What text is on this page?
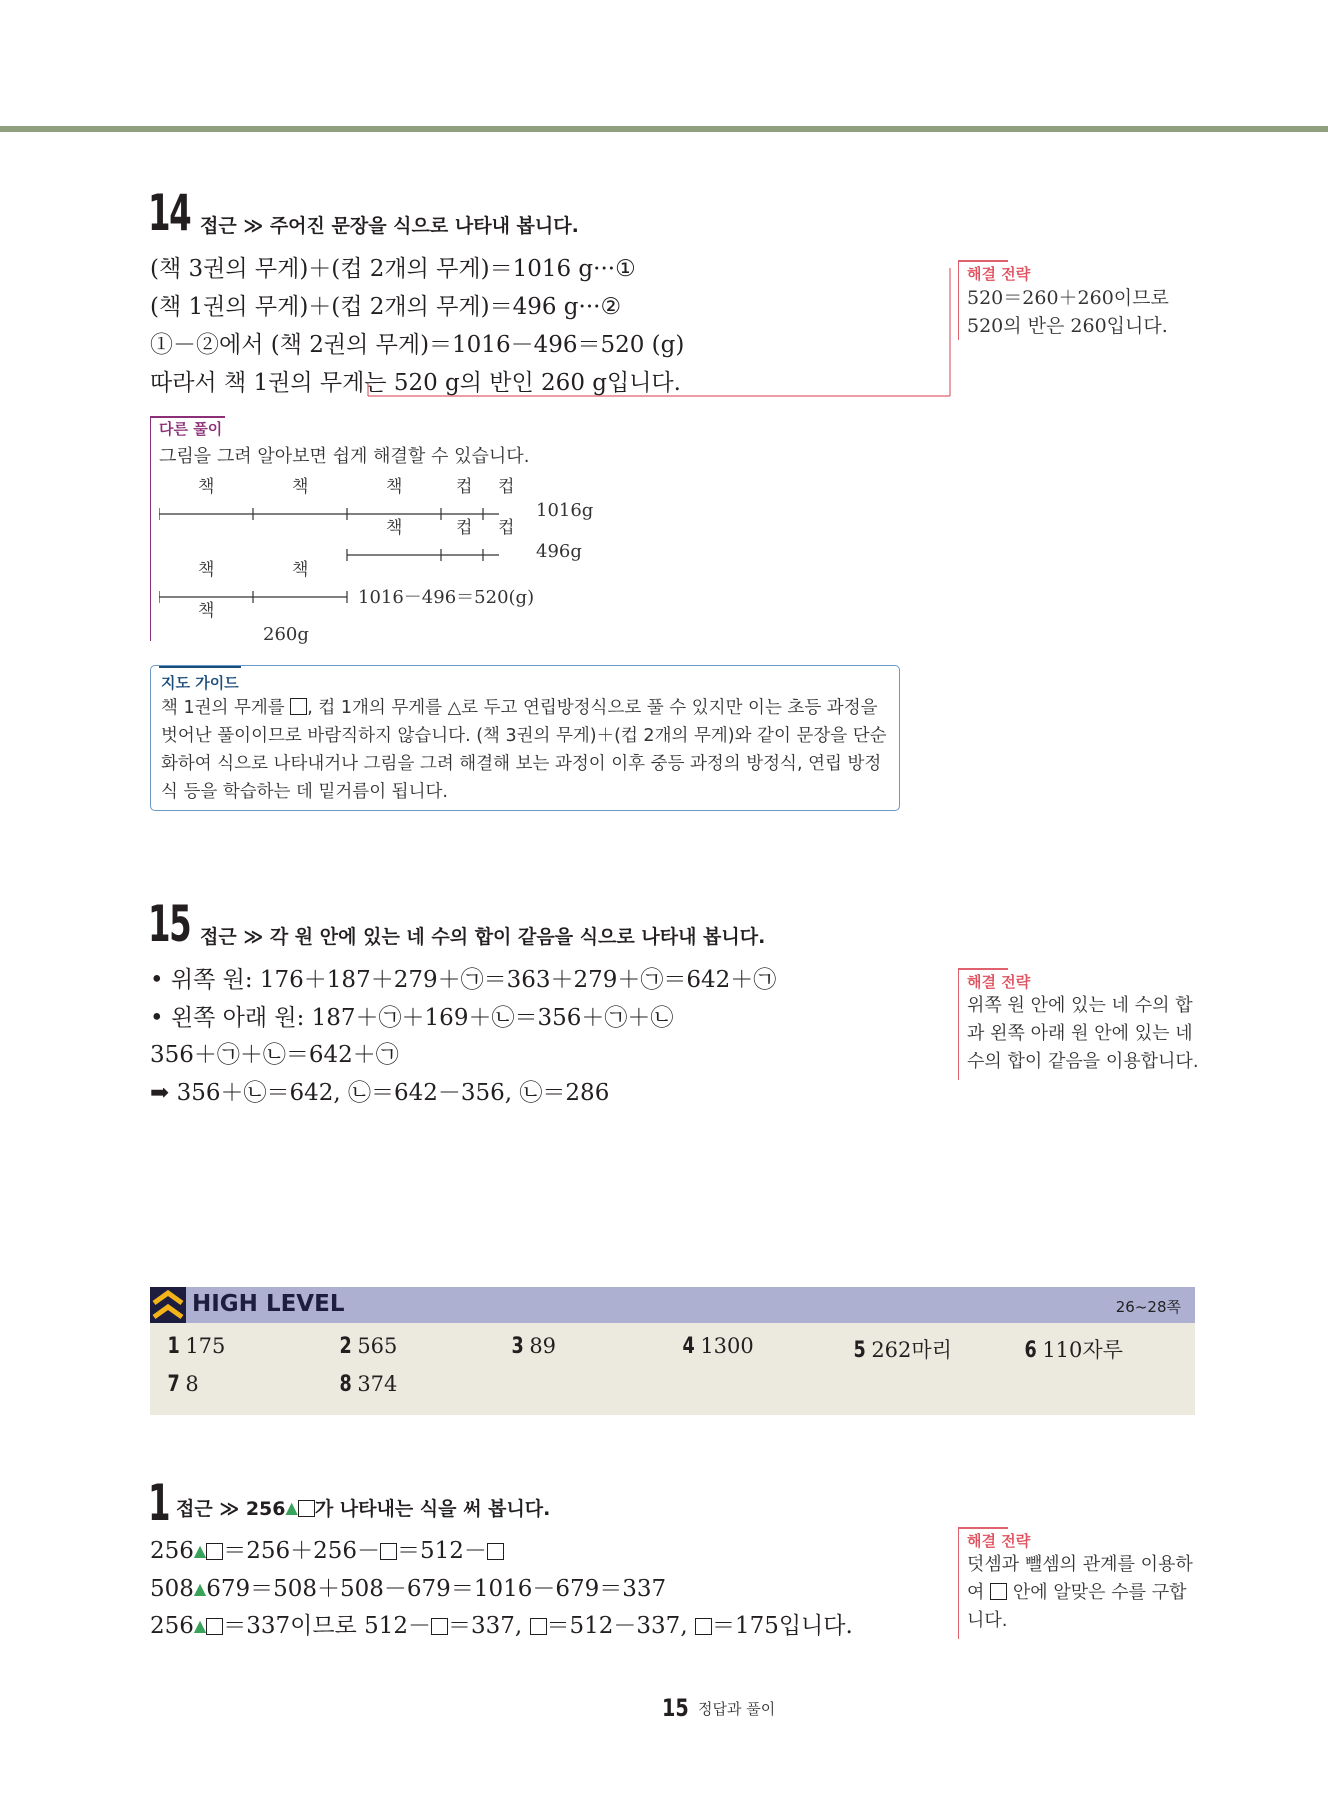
14 접근 ≫ 주어진 문장을 식으로 나타내 봅니다.
(책 3권의 무게)＋(컵 2개의 무게)＝1016 g···①
(책 1권의 무게)＋(컵 2개의 무게)＝496 g···②
①－②에서 (책 2권의 무게)＝1016－496＝520 (g)
따라서 책 1권의 무게는 520 g의 반인 260 g입니다.
해결 전략
520＝260＋260이므로
520의 반은 260입니다.
다른 풀이
그림을 그려 알아보면 쉽게 해결할 수 있습니다.
책	책	책	컵 컵
1016g
책	컵 컵
496g
책	책
1016－496＝520(g)
책
260g
지도 가이드
책 1권의 무게를 , 컵 1개의 무게를 △로 두고 연립방정식으로 풀 수 있지만 이는 초등 과정을 벗어난 풀이이므로 바람직하지 않습니다. (책 3권의 무게)＋(컵 2개의 무게)와 같이 문장을 단순화하여 식으로 나타내거나 그림을 그려 해결해 보는 과정이 이후 중등 과정의 방정식, 연립 방정식 등을 학습하는 데 밑거름이 됩니다.
15 접근 ≫ 각 원 안에 있는 네 수의 합이 같음을 식으로 나타내 봅니다.
• 위쪽 원: 176＋187＋279＋㉠＝363＋279＋㉠＝642＋㉠
• 왼쪽 아래 원: 187＋㉠＋169＋㉡＝356＋㉠＋㉡
356＋㉠＋㉡＝642＋㉠
➡ 356＋㉡＝642, ㉡＝642－356, ㉡＝286
해결 전략
위쪽 원 안에 있는 네 수의 합
과 왼쪽 아래 원 안에 있는 네
수의 합이 같음을 이용합니다.
HIGH LEVEL	26~28쪽
1 175	2 565	3 89	4 1300	5 262마리	6 110자루
7 8	8 374
1 접근 ≫ 256▲ 가 나타내는 식을 써 봅니다.
256▲ ＝256＋256－ ＝512－
508▲679＝508＋508－679＝1016－679＝337
256▲ ＝337이므로 512－ ＝337, ＝512－337, ＝175입니다.
해결 전략
덧셈과 뺄셈의 관계를 이용하
여  안에 알맞은 수를 구합
니다.
15 정답과 풀이
